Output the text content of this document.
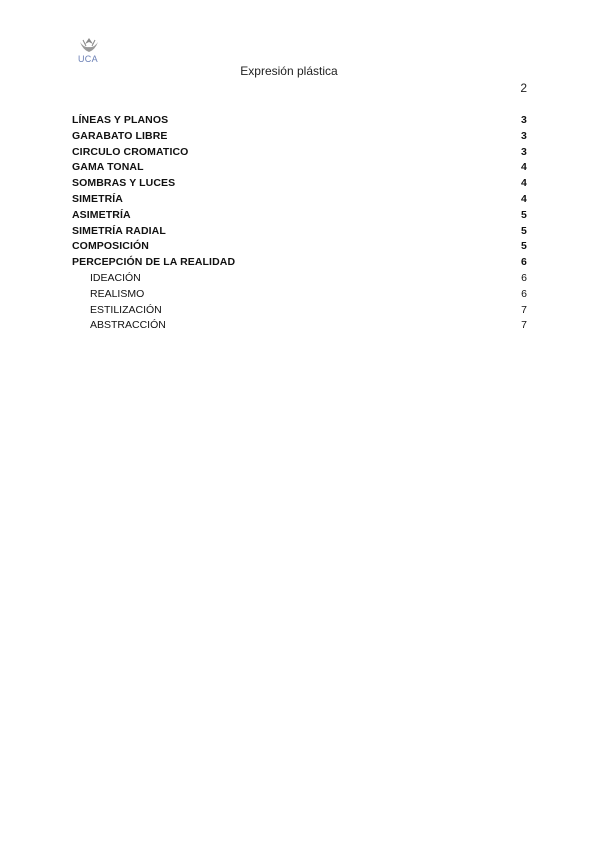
UCA
Expresión plástica
2
LÍNEAS Y PLANOS	3
GARABATO LIBRE	3
CIRCULO CROMATICO	3
GAMA TONAL	4
SOMBRAS Y LUCES	4
SIMETRÍA	4
ASIMETRÍA	5
SIMETRÍA RADIAL	5
COMPOSICIÓN	5
PERCEPCIÓN DE LA REALIDAD	6
IDEACIÓN	6
REALISMO	6
ESTILIZACIÓN	7
ABSTRACCIÓN	7
